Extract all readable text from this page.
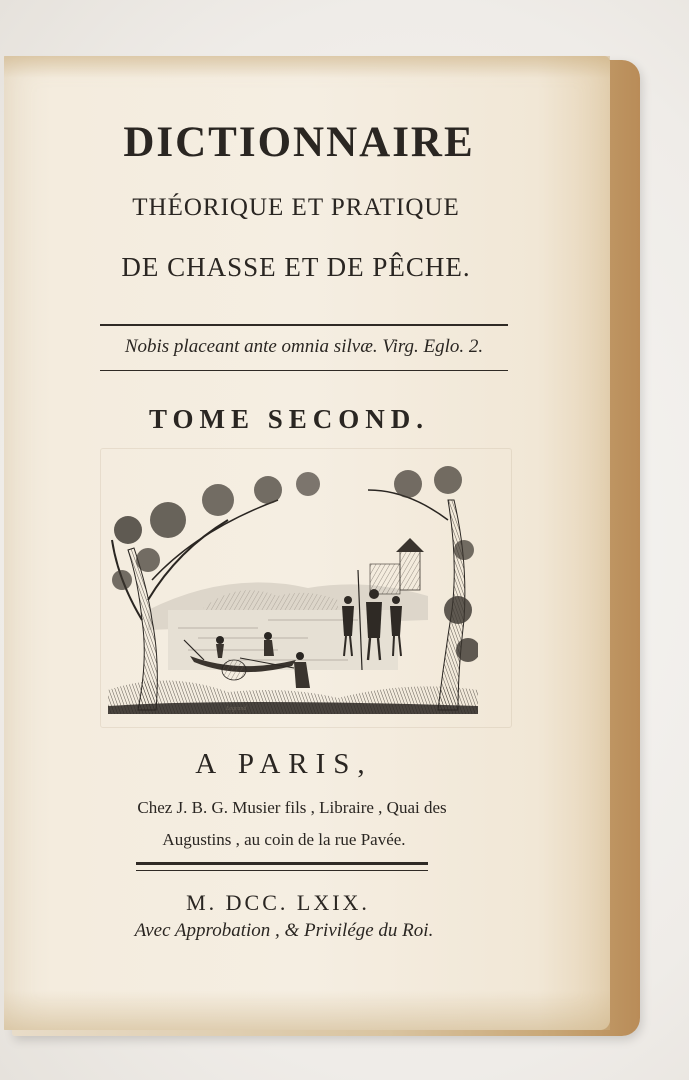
DICTIONNAIRE
THÉORIQUE ET PRATIQUE
DE CHASSE ET DE PÊCHE.
Nobis placeant ante omnia silvæ. Virg. Eglo. 2.
TOME SECOND.
Legrand
A PARIS,
Chez J. B. G. Musier fils , Libraire , Quai des
Augustins , au coin de la rue Pavée.
M. DCC. LXIX.
Avec Approbation , & Privilége du Roi.
